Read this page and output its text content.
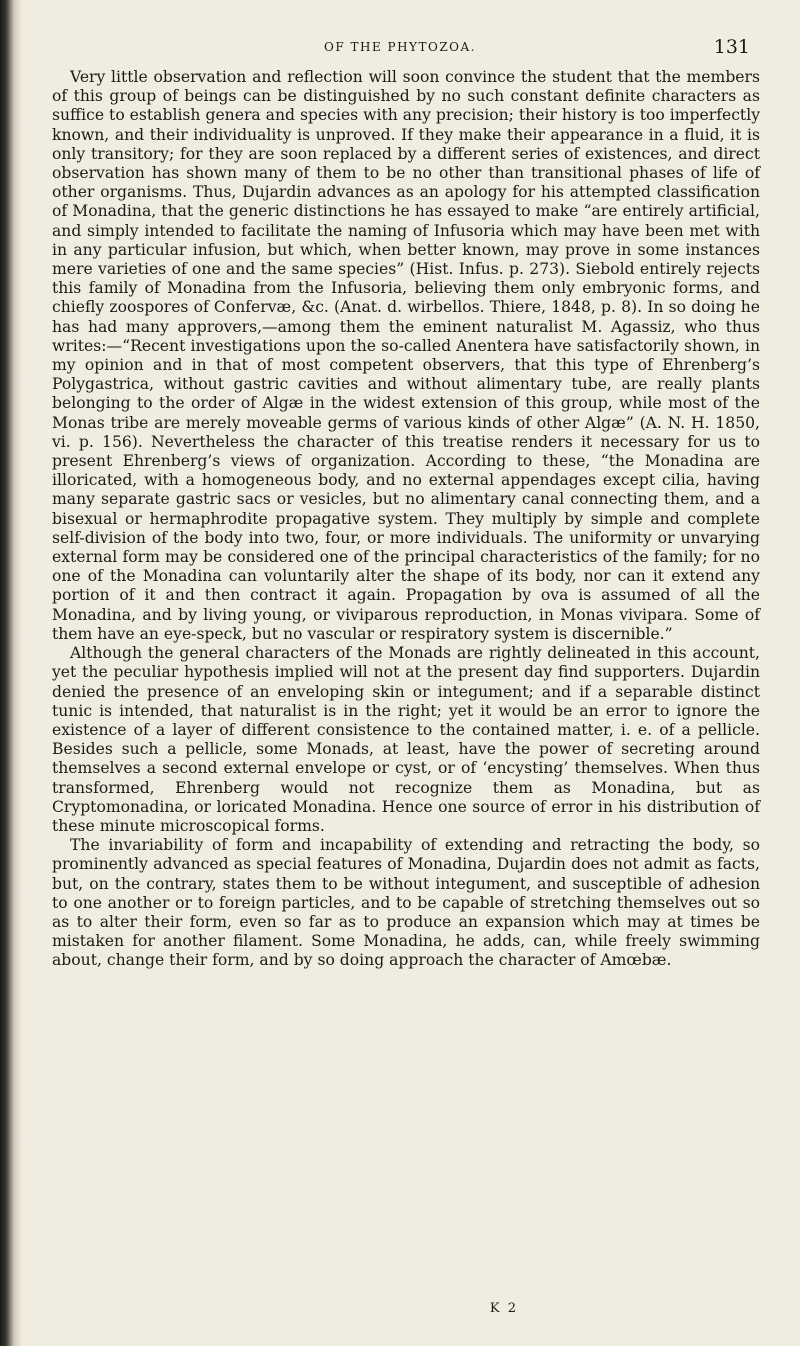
OF THE PHYTOZOA.	131

Very little observation and reflection will soon convince the student that the members of this group of beings can be distinguished by no such constant definite characters as suffice to establish genera and species with any precision; their history is too imperfectly known, and their individuality is unproved. If they make their appearance in a fluid, it is only transitory; for they are soon replaced by a different series of existences, and direct observation has shown many of them to be no other than transitional phases of life of other organisms. Thus, Dujardin advances as an apology for his attempted classification of Monadina, that the generic distinctions he has essayed to make “are entirely artificial, and simply intended to facilitate the naming of Infusoria which may have been met with in any particular infusion, but which, when better known, may prove in some instances mere varieties of one and the same species” (Hist. Infus. p. 273). Siebold entirely rejects this family of Monadina from the Infusoria, believing them only embryonic forms, and chiefly zoospores of Confervæ, &c. (Anat. d. wirbellos. Thiere, 1848, p. 8). In so doing he has had many approvers,—among them the eminent naturalist M. Agassiz, who thus writes:—“Recent investigations upon the so-called Anentera have satisfactorily shown, in my opinion and in that of most competent observers, that this type of Ehrenberg’s Polygastrica, without gastric cavities and without alimentary tube, are really plants belonging to the order of Algæ in the widest extension of this group, while most of the Monas tribe are merely moveable germs of various kinds of other Algæ” (A. N. H. 1850, vi. p. 156). Nevertheless the character of this treatise renders it necessary for us to present Ehrenberg’s views of organization. According to these, “the Monadina are illoricated, with a homogeneous body, and no external appendages except cilia, having many separate gastric sacs or vesicles, but no alimentary canal connecting them, and a bisexual or hermaphrodite propagative system. They multiply by simple and complete self-division of the body into two, four, or more individuals. The uniformity or unvarying external form may be considered one of the principal characteristics of the family; for no one of the Monadina can voluntarily alter the shape of its body, nor can it extend any portion of it and then contract it again. Propagation by ova is assumed of all the Monadina, and by living young, or viviparous reproduction, in Monas vivipara. Some of them have an eye-speck, but no vascular or respiratory system is discernible.”

Although the general characters of the Monads are rightly delineated in this account, yet the peculiar hypothesis implied will not at the present day find supporters. Dujardin denied the presence of an enveloping skin or integument; and if a separable distinct tunic is intended, that naturalist is in the right; yet it would be an error to ignore the existence of a layer of different consistence to the contained matter, i. e. of a pellicle. Besides such a pellicle, some Monads, at least, have the power of secreting around themselves a second external envelope or cyst, or of ‘encysting’ themselves. When thus transformed, Ehrenberg would not recognize them as Monadina, but as Cryptomonadina, or loricated Monadina. Hence one source of error in his distribution of these minute microscopical forms.

The invariability of form and incapability of extending and retracting the body, so prominently advanced as special features of Monadina, Dujardin does not admit as facts, but, on the contrary, states them to be without integument, and susceptible of adhesion to one another or to foreign particles, and to be capable of stretching themselves out so as to alter their form, even so far as to produce an expansion which may at times be mistaken for another filament. Some Monadina, he adds, can, while freely swimming about, change their form, and by so doing approach the character of Amœbæ.

K 2
